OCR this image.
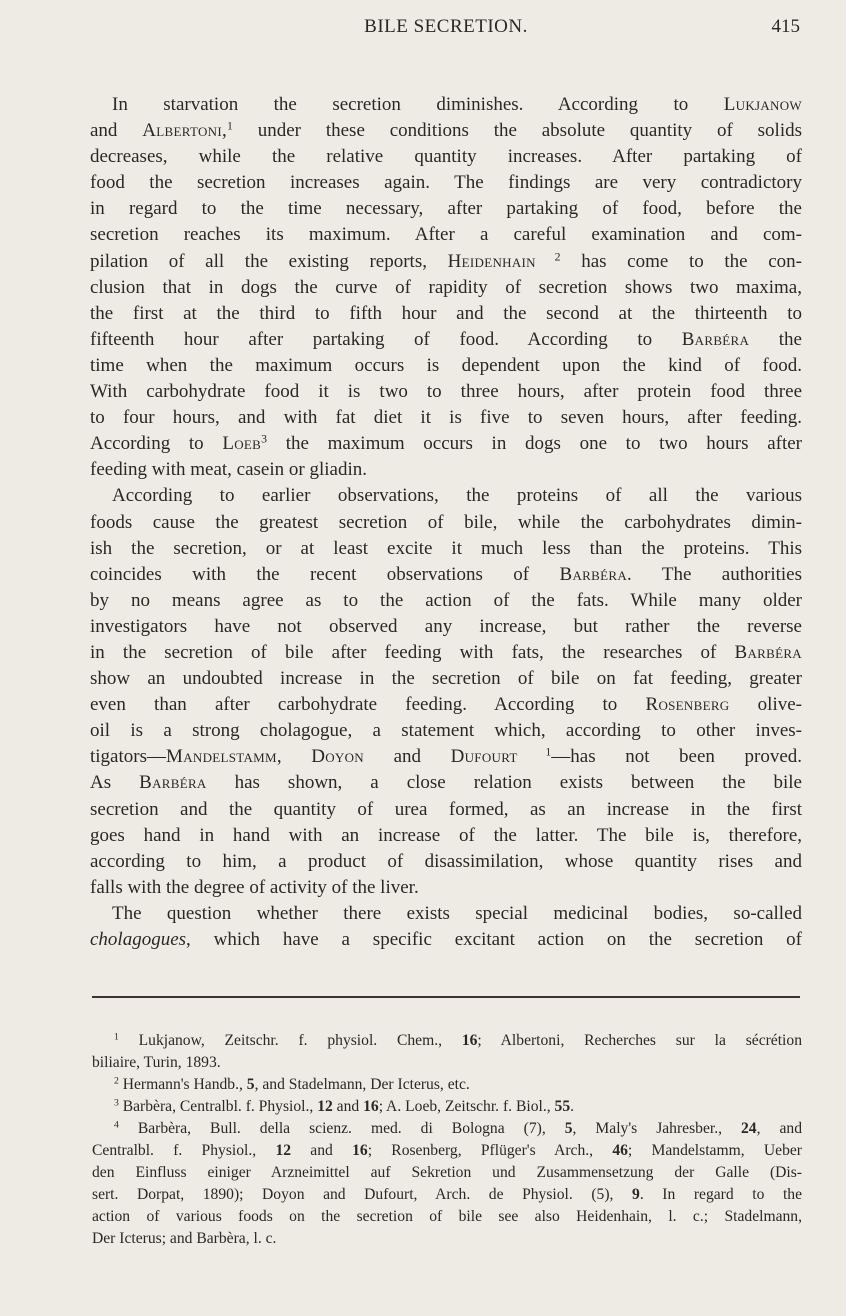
BILE SECRETION.	415
In starvation the secretion diminishes. According to Lukjanow
and Albertoni,$^1$ under these conditions the absolute quantity of solids
decreases, while the relative quantity increases. After partaking of
food the secretion increases again. The findings are very contradictory
in regard to the time necessary, after partaking of food, before the
secretion reaches its maximum. After a careful examination and com-
pilation of all the existing reports, Heidenhain $^2$ has come to the con-
clusion that in dogs the curve of rapidity of secretion shows two maxima,
the first at the third to fifth hour and the second at the thirteenth to
fifteenth hour after partaking of food. According to Barbéra the
time when the maximum occurs is dependent upon the kind of food.
With carbohydrate food it is two to three hours, after protein food three
to four hours, and with fat diet it is five to seven hours, after feeding.
According to Loeb$^3$ the maximum occurs in dogs one to two hours after
feeding with meat, casein or gliadin.
According to earlier observations, the proteins of all the various
foods cause the greatest secretion of bile, while the carbohydrates dimin-
ish the secretion, or at least excite it much less than the proteins. This
coincides with the recent observations of Barbéra. The authorities
by no means agree as to the action of the fats. While many older
investigators have not observed any increase, but rather the reverse
in the secretion of bile after feeding with fats, the researches of Barbéra
show an undoubted increase in the secretion of bile on fat feeding, greater
even than after carbohydrate feeding. According to Rosenberg olive-
oil is a strong cholagogue, a statement which, according to other inves-
tigators—Mandelstamm, Doyon and Dufourt $^1$—has not been proved.
As Barbéra has shown, a close relation exists between the bile
secretion and the quantity of urea formed, as an increase in the first
goes hand in hand with an increase of the latter. The bile is, therefore,
according to him, a product of disassimilation, whose quantity rises and
falls with the degree of activity of the liver.
The question whether there exists special medicinal bodies, so-called
cholagogues, which have a specific excitant action on the secretion of
$^1$ Lukjanow, Zeitschr. f. physiol. Chem., 16; Albertoni, Recherches sur la sécrétion
biliaire, Turin, 1893.
$^2$ Hermann's Handb., 5, and Stadelmann, Der Icterus, etc.
$^3$ Barbèra, Centralbl. f. Physiol., 12 and 16; A. Loeb, Zeitschr. f. Biol., 55.
$^4$ Barbèra, Bull. della scienz. med. di Bologna (7), 5, Maly's Jahresber., 24, and
Centralbl. f. Physiol., 12 and 16; Rosenberg, Pflüger's Arch., 46; Mandelstamm, Ueber
den Einfluss einiger Arzneimittel auf Sekretion und Zusammensetzung der Galle (Dis-
sert. Dorpat, 1890); Doyon and Dufourt, Arch. de Physiol. (5), 9. In regard to the
action of various foods on the secretion of bile see also Heidenhain, l. c.; Stadelmann,
Der Icterus; and Barbèra, l. c.
